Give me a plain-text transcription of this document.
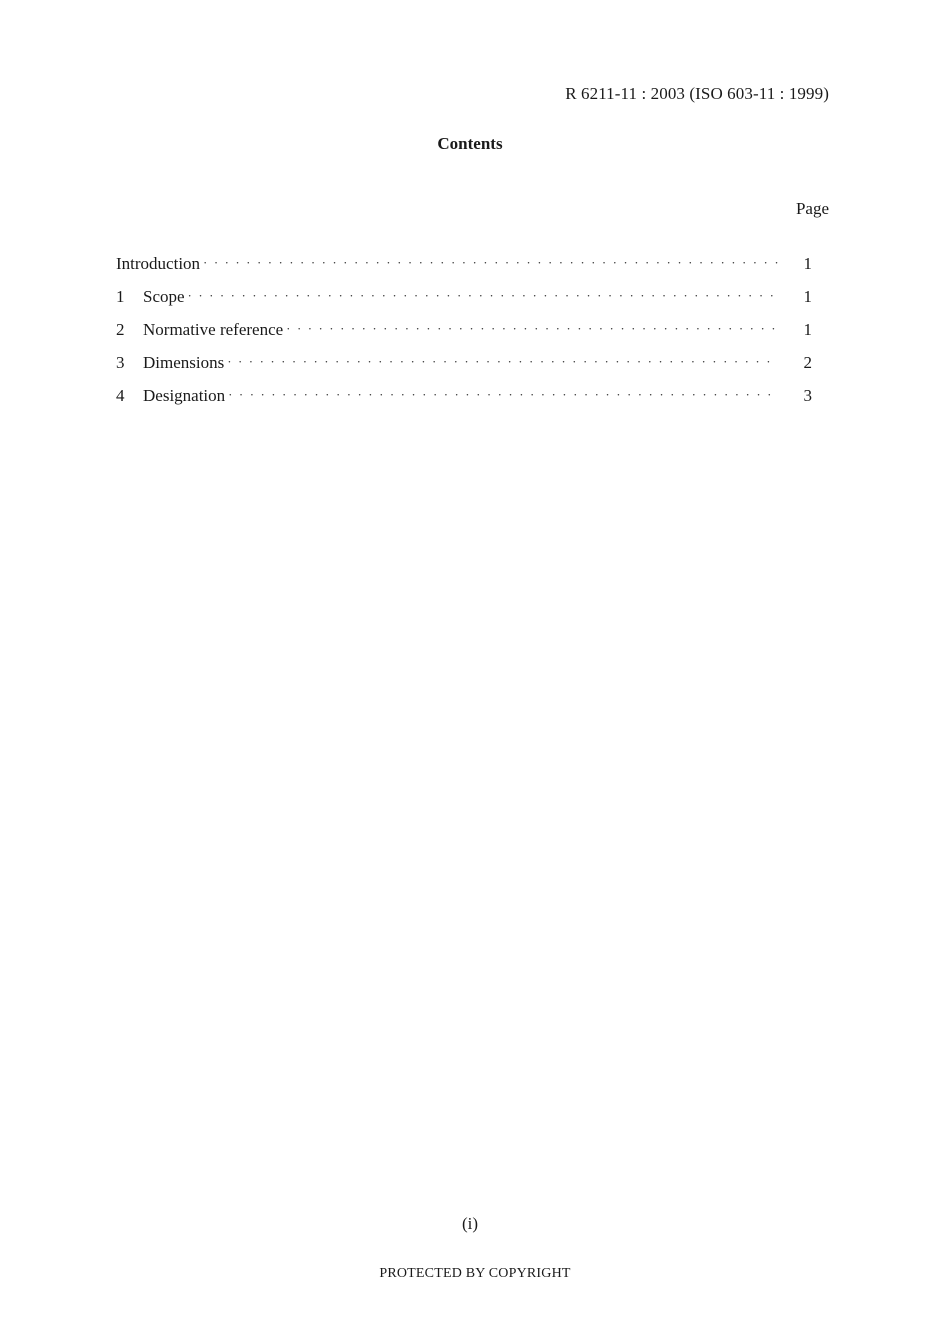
R 6211-11 : 2003 (ISO 603-11 : 1999)
Contents
Page
Introduction · · ·	1
1	Scope · · ·	1
2	Normative reference · · ·	1
3	Dimensions · · ·	2
4	Designation · · ·	3
(i)
PROTECTED BY COPYRIGHT
